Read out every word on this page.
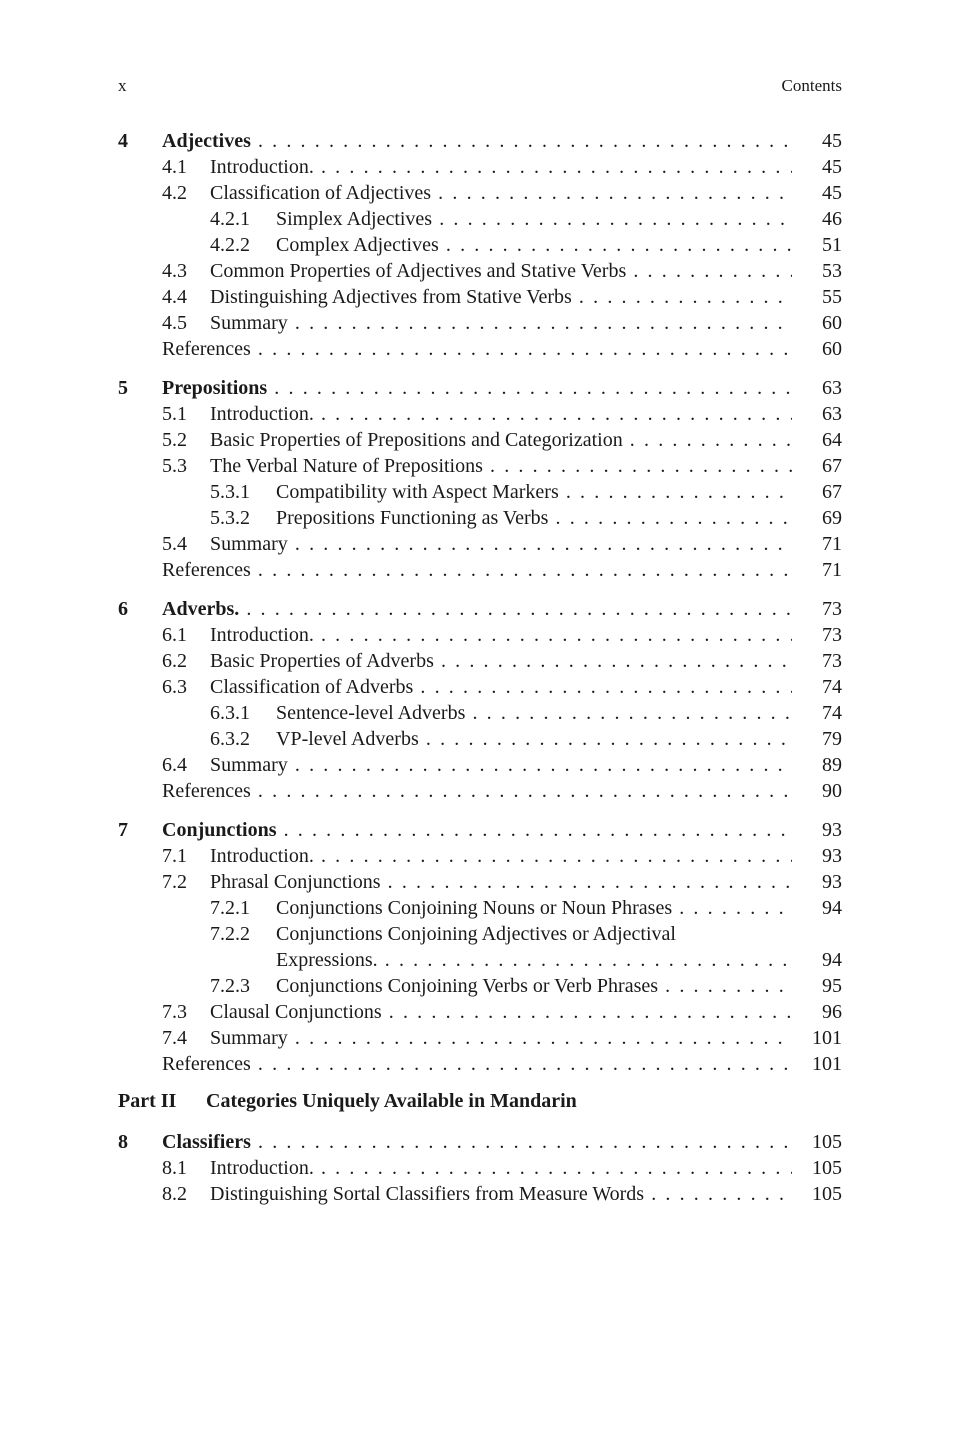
x	Contents
4 Adjectives . . .	45
4.1 Introduction. . . .	45
4.2 Classification of Adjectives . . .	45
4.2.1 Simplex Adjectives . . .	46
4.2.2 Complex Adjectives . . .	51
4.3 Common Properties of Adjectives and Stative Verbs . . .	53
4.4 Distinguishing Adjectives from Stative Verbs . . .	55
4.5 Summary . . .	60
References . . .	60
5 Prepositions . . .	63
5.1 Introduction. . . .	63
5.2 Basic Properties of Prepositions and Categorization . . .	64
5.3 The Verbal Nature of Prepositions . . .	67
5.3.1 Compatibility with Aspect Markers . . .	67
5.3.2 Prepositions Functioning as Verbs . . .	69
5.4 Summary . . .	71
References . . .	71
6 Adverbs. . . .	73
6.1 Introduction. . . .	73
6.2 Basic Properties of Adverbs . . .	73
6.3 Classification of Adverbs . . .	74
6.3.1 Sentence-level Adverbs . . .	74
6.3.2 VP-level Adverbs . . .	79
6.4 Summary . . .	89
References . . .	90
7 Conjunctions . . .	93
7.1 Introduction. . . .	93
7.2 Phrasal Conjunctions . . .	93
7.2.1 Conjunctions Conjoining Nouns or Noun Phrases . . .	94
7.2.2 Conjunctions Conjoining Adjectives or Adjectival
Expressions. . . .	94
7.2.3 Conjunctions Conjoining Verbs or Verb Phrases . . .	95
7.3 Clausal Conjunctions . . .	96
7.4 Summary . . .	101
References . . .	101
Part II Categories Uniquely Available in Mandarin
8 Classifiers . . .	105
8.1 Introduction. . . .	105
8.2 Distinguishing Sortal Classifiers from Measure Words . . .	105
